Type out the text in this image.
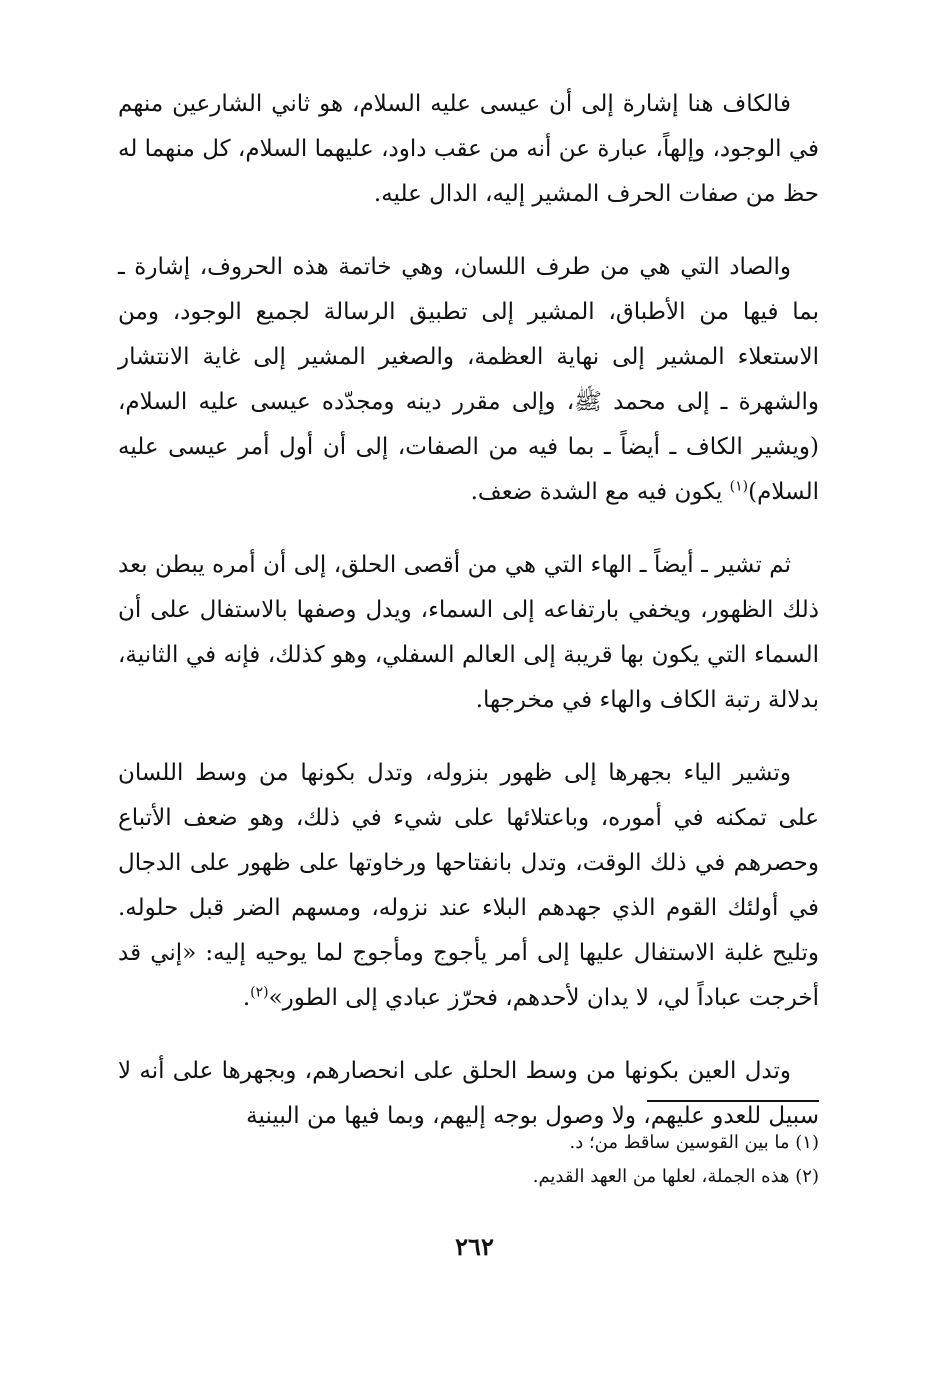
فالكاف هنا إشارة إلى أن عيسى عليه السلام، هو ثاني الشارعين منهم في الوجود، وإلهاً، عبارة عن أنه من عقب داود، عليهما السلام، كل منهما له حظ من صفات الحرف المشير إليه، الدال عليه.

والصاد التي هي من طرف اللسان، وهي خاتمة هذه الحروف، إشارة ـ بما فيها من الأطباق، المشير إلى تطبيق الرسالة لجميع الوجود، ومن الاستعلاء المشير إلى نهاية العظمة، والصغير المشير إلى غاية الانتشار والشهرة ـ إلى محمد ﷺ، وإلى مقرر دينه ومجدّده عيسى عليه السلام، (ويشير الكاف ـ أيضاً ـ بما فيه من الصفات، إلى أن أول أمر عيسى عليه السلام)$^{(١)}$ يكون فيه مع الشدة ضعف.

ثم تشير ـ أيضاً ـ الهاء التي هي من أقصى الحلق، إلى أن أمره يبطن بعد ذلك الظهور، ويخفي بارتفاعه إلى السماء، ويدل وصفها بالاستفال على أن السماء التي يكون بها قريبة إلى العالم السفلي، وهو كذلك، فإنه في الثانية، بدلالة رتبة الكاف والهاء في مخرجها.

وتشير الياء بجهرها إلى ظهور بنزوله، وتدل بكونها من وسط اللسان على تمكنه في أموره، وباعتلائها على شيء في ذلك، وهو ضعف الأتباع وحصرهم في ذلك الوقت، وتدل بانفتاحها ورخاوتها على ظهور على الدجال في أولئك القوم الذي جهدهم البلاء عند نزوله، ومسهم الضر قبل حلوله. وتليح غلبة الاستفال عليها إلى أمر يأجوج ومأجوج لما يوحيه إليه: «إني قد أخرجت عباداً لي، لا يدان لأحدهم، فحرّز عبادي إلى الطور»$^{(٢)}$.

وتدل العين بكونها من وسط الحلق على انحصارهم، وبجهرها على أنه لا سبيل للعدو عليهم، ولا وصول بوجه إليهم، وبما فيها من البينية

(١) ما بين القوسين ساقط من؛ د.
(٢) هذه الجملة، لعلها من العهد القديم.
٢٦٢
